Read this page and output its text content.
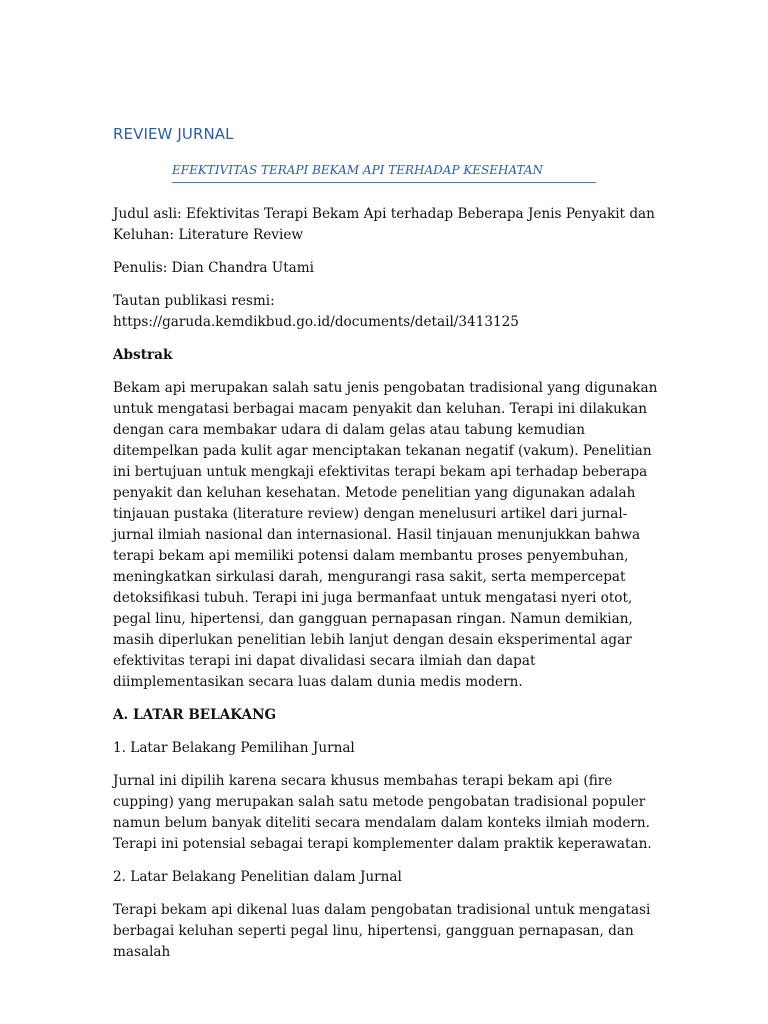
REVIEW JURNAL

EFEKTIVITAS TERAPI BEKAM API TERHADAP KESEHATAN

Judul asli: Efektivitas Terapi Bekam Api terhadap Beberapa Jenis Penyakit dan Keluhan: Literature Review

Penulis: Dian Chandra Utami

Tautan publikasi resmi:
https://garuda.kemdikbud.go.id/documents/detail/3413125

Abstrak

Bekam api merupakan salah satu jenis pengobatan tradisional yang digunakan untuk mengatasi berbagai macam penyakit dan keluhan. Terapi ini dilakukan dengan cara membakar udara di dalam gelas atau tabung kemudian ditempelkan pada kulit agar menciptakan tekanan negatif (vakum). Penelitian ini bertujuan untuk mengkaji efektivitas terapi bekam api terhadap beberapa penyakit dan keluhan kesehatan. Metode penelitian yang digunakan adalah tinjauan pustaka (literature review) dengan menelusuri artikel dari jurnal-jurnal ilmiah nasional dan internasional. Hasil tinjauan menunjukkan bahwa terapi bekam api memiliki potensi dalam membantu proses penyembuhan, meningkatkan sirkulasi darah, mengurangi rasa sakit, serta mempercepat detoksifikasi tubuh. Terapi ini juga bermanfaat untuk mengatasi nyeri otot, pegal linu, hipertensi, dan gangguan pernapasan ringan. Namun demikian, masih diperlukan penelitian lebih lanjut dengan desain eksperimental agar efektivitas terapi ini dapat divalidasi secara ilmiah dan dapat diimplementasikan secara luas dalam dunia medis modern.

A. LATAR BELAKANG

1. Latar Belakang Pemilihan Jurnal

Jurnal ini dipilih karena secara khusus membahas terapi bekam api (fire cupping) yang merupakan salah satu metode pengobatan tradisional populer namun belum banyak diteliti secara mendalam dalam konteks ilmiah modern. Terapi ini potensial sebagai terapi komplementer dalam praktik keperawatan.

2. Latar Belakang Penelitian dalam Jurnal

Terapi bekam api dikenal luas dalam pengobatan tradisional untuk mengatasi berbagai keluhan seperti pegal linu, hipertensi, gangguan pernapasan, dan masalah
